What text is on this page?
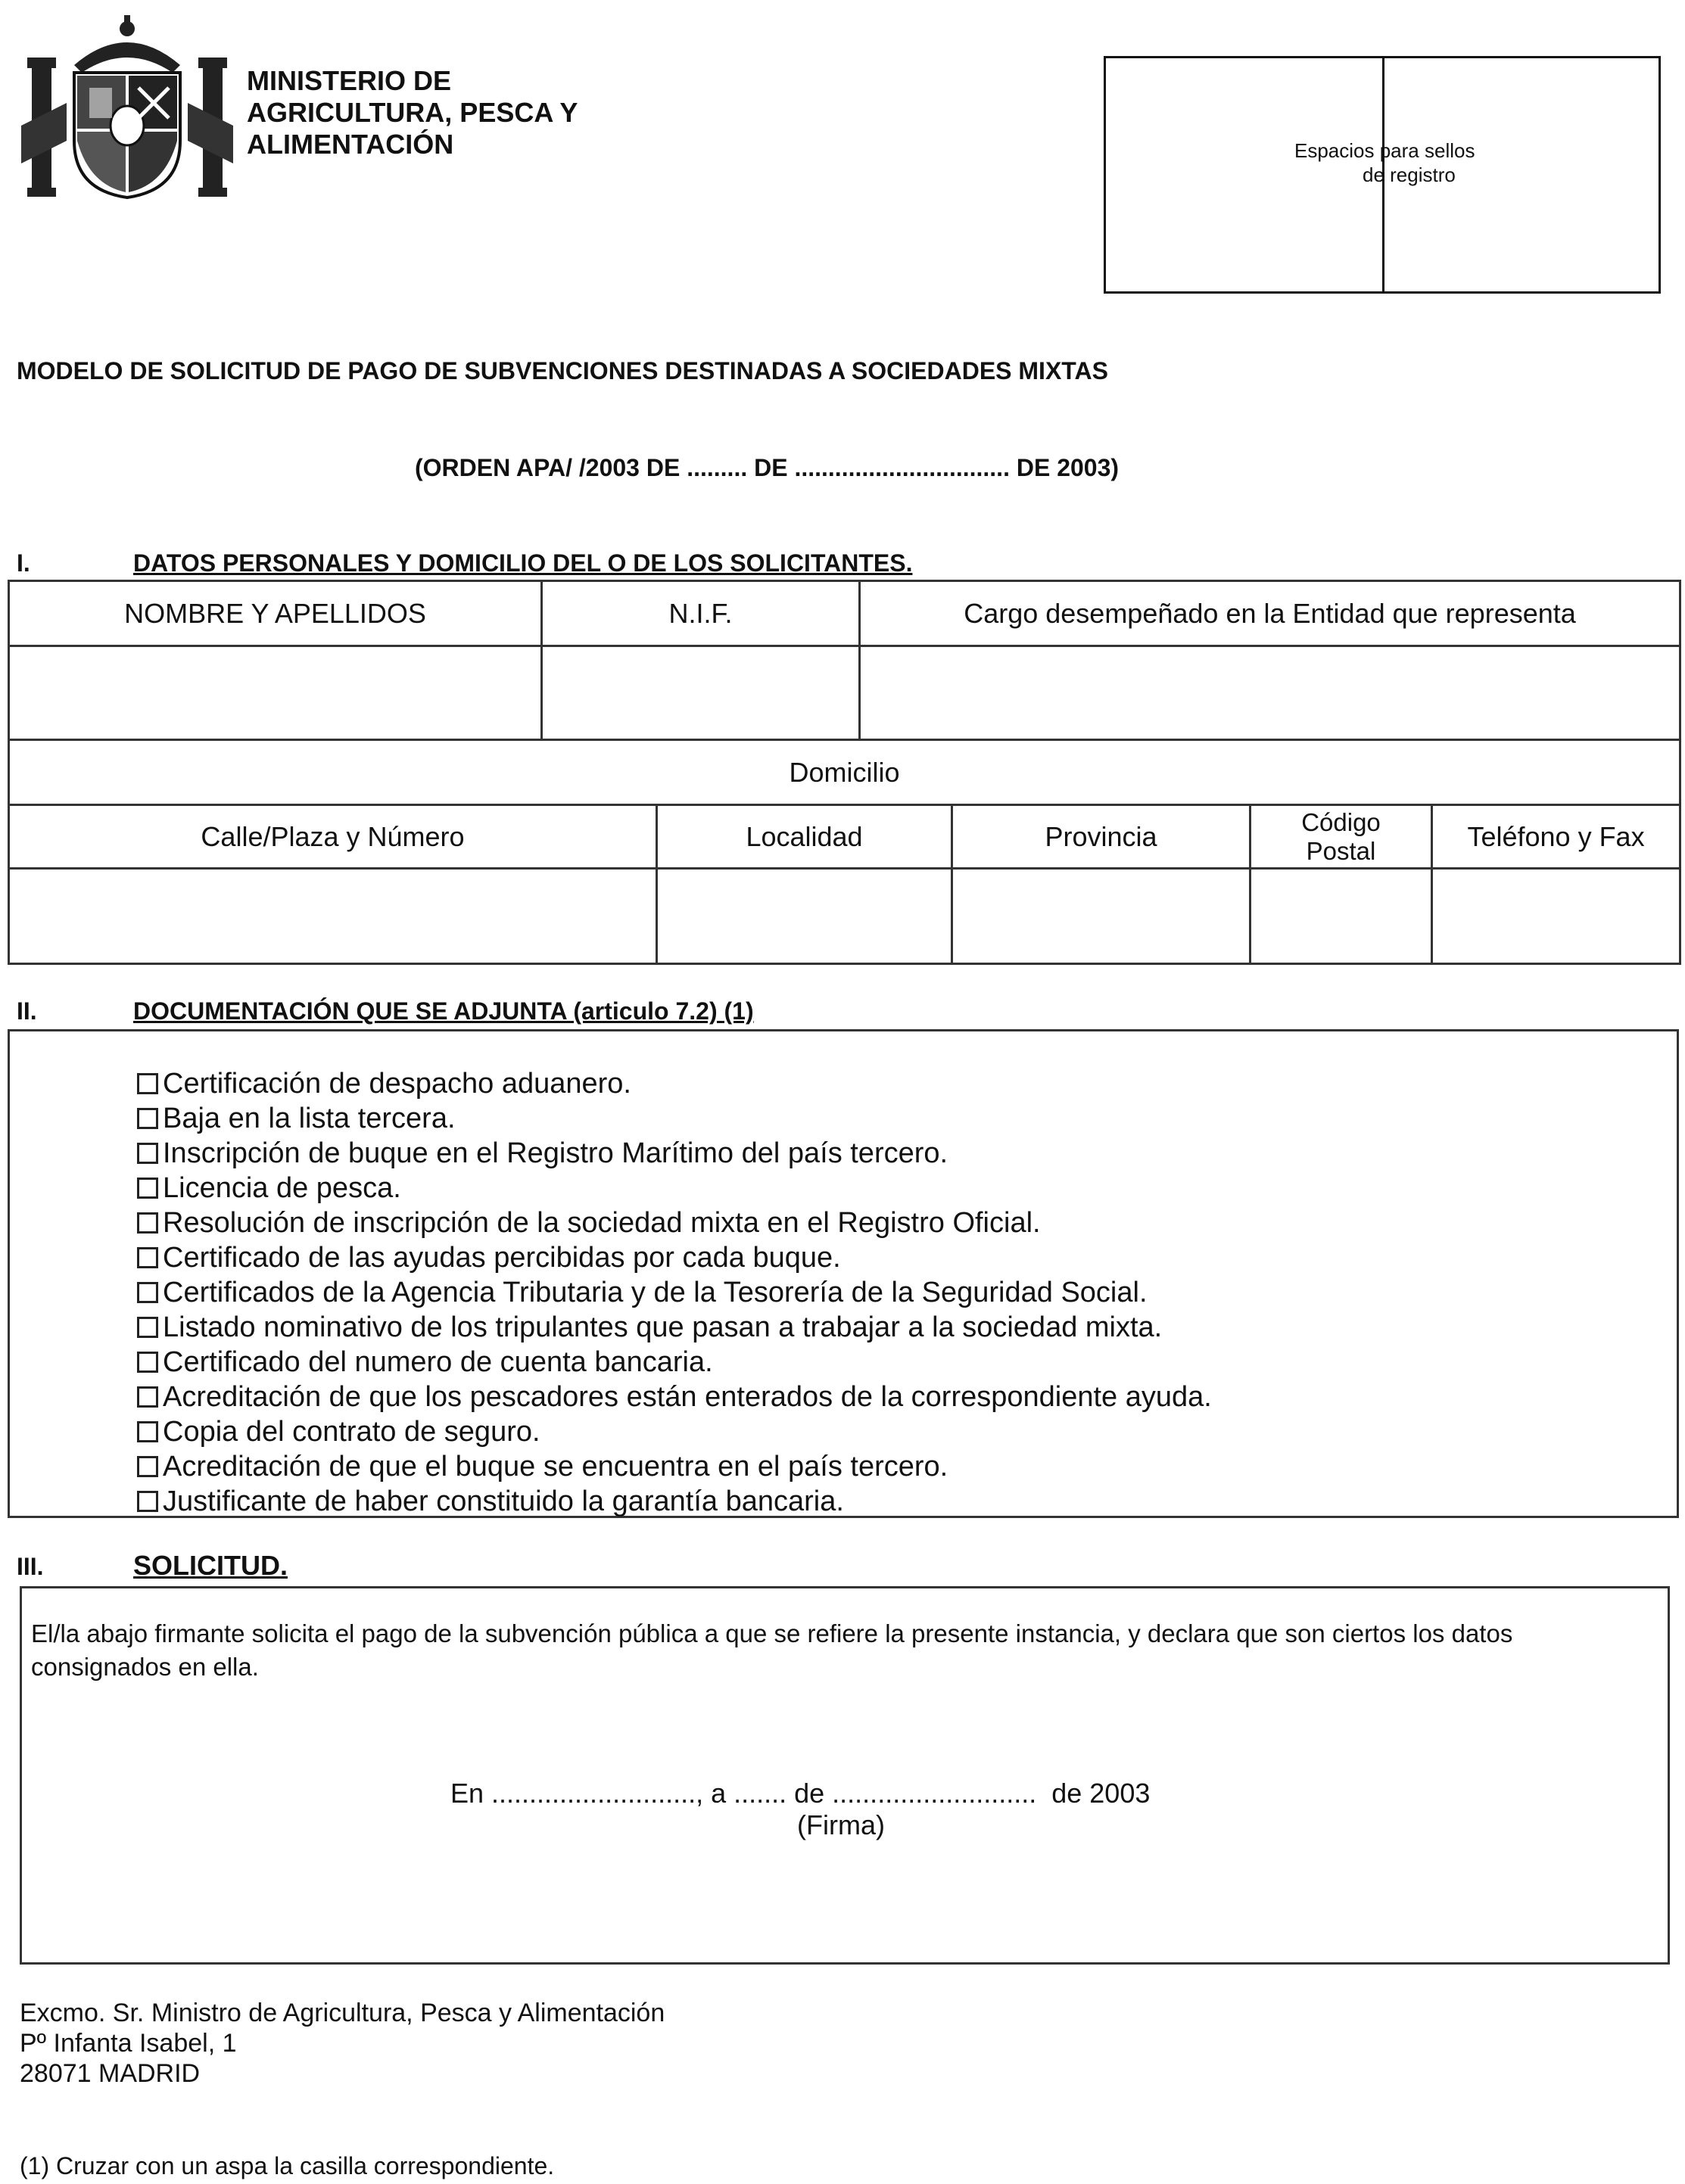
MINISTERIO DE
AGRICULTURA, PESCA Y
ALIMENTACIÓN	Espacios para sellos
de registro
MODELO DE SOLICITUD DE PAGO DE SUBVENCIONES DESTINADAS A SOCIEDADES MIXTAS
(ORDEN APA/ /2003 DE ......... DE ................................ DE 2003)
I.	DATOS PERSONALES Y DOMICILIO DEL O DE LOS SOLICITANTES.
NOMBRE Y APELLIDOS	N.I.F.	Cargo desempeñado en la Entidad que representa

Domicilio				
Calle/Plaza y Número	Localidad	Provincia	Código Postal	Teléfono y Fax

II.	DOCUMENTACIÓN QUE SE ADJUNTA (articulo 7.2) (1)
Certificación de despacho aduanero.
Baja en la lista tercera.
Inscripción de buque en el Registro Marítimo del país tercero.
Licencia de pesca.
Resolución de inscripción de la sociedad mixta en el Registro Oficial.
Certificado de las ayudas percibidas por cada buque.
Certificados de la Agencia Tributaria y de la Tesorería de la Seguridad Social.
Listado nominativo de los tripulantes que pasan a trabajar a la sociedad mixta.
Certificado del numero de cuenta bancaria.
Acreditación de que los pescadores están enterados de la correspondiente ayuda.
Copia del contrato de seguro.
Acreditación de que el buque se encuentra en el país tercero.
Justificante de haber constituido la garantía bancaria.
III.	SOLICITUD.
El/la abajo firmante solicita el pago de la subvención pública a que se refiere la presente instancia, y declara que son ciertos los datos consignados en ella.
En ..........................., a ....... de ...........................  de 2003
(Firma)
Excmo. Sr. Ministro de Agricultura, Pesca y Alimentación
Pº Infanta Isabel, 1
28071 MADRID
(1) Cruzar con un aspa la casilla correspondiente.
